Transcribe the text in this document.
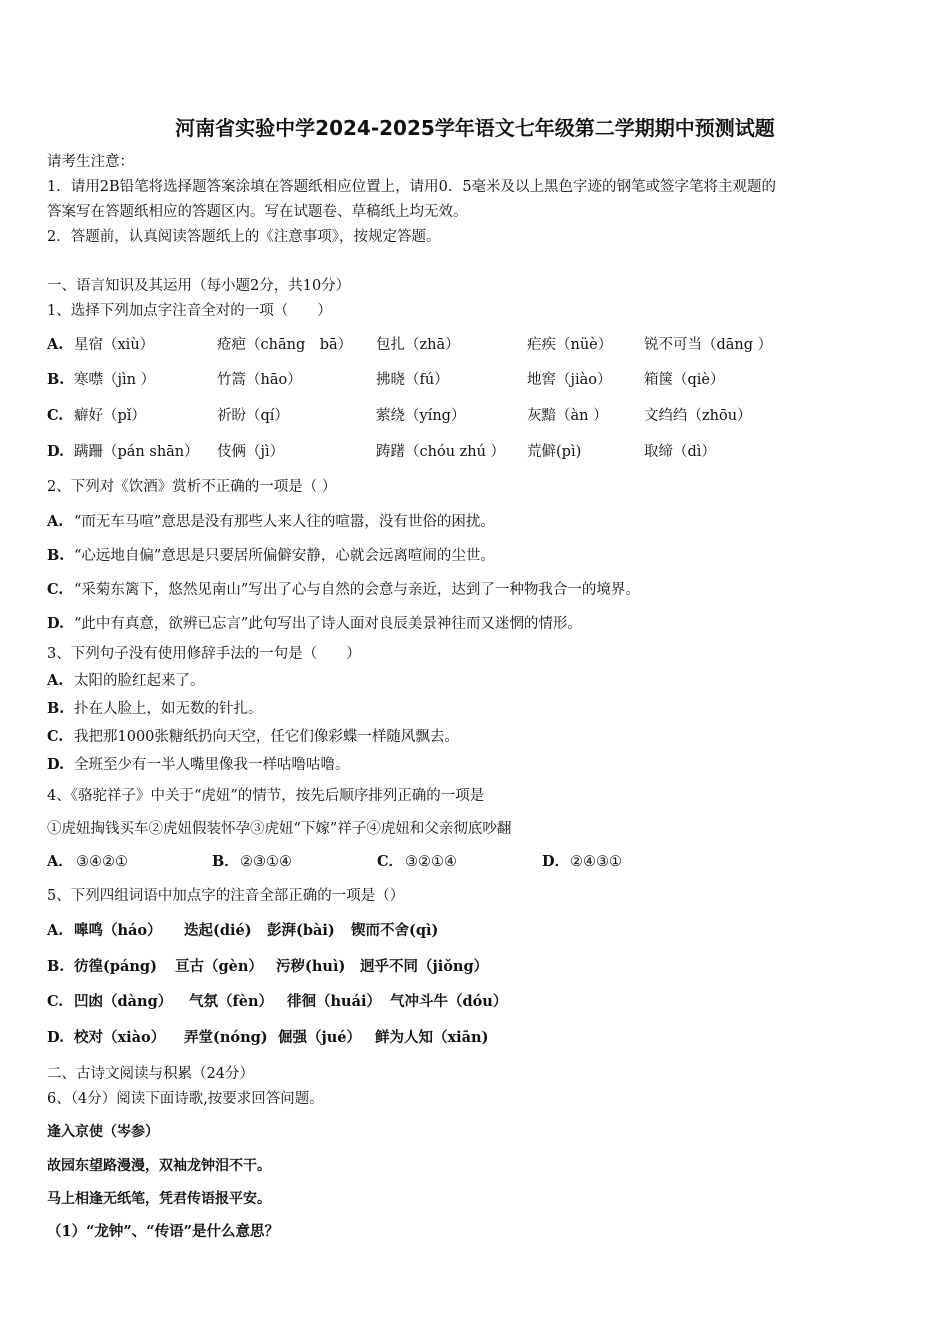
河南省实验中学2024-2025学年语文七年级第二学期期中预测试题
请考生注意：
1．请用2B铅笔将选择题答案涂填在答题纸相应位置上，请用0．5毫米及以上黑色字迹的钢笔或签字笔将主观题的
答案写在答题纸相应的答题区内。写在试题卷、草稿纸上均无效。
2．答题前，认真阅读答题纸上的《注意事项》，按规定答题。
一、语言知识及其运用（每小题2分，共10分）
1、选择下列加点字注音全对的一项（　　）
A. 星宿（xiù）	疮疤（chāng　bā） 包扎（zhā）	疟疾（nüè） 锐不可当（dāng ）
B. 寒噤（jìn ）	竹篙（hāo）	拂晓（fú）	地窖（jiào） 箱箧（qiè）
C. 癖好（pǐ）	祈盼（qí）	萦绕（yíng）	灰黯（àn ）	文绉绉（zhōu）
D. 蹒跚（pán shān） 伎俩（jì）	踌躇（chóu zhú ） 荒僻(pì)	取缔（dì）
2、下列对《饮酒》赏析不正确的一项是（ ）
A. “而无车马喧”意思是没有那些人来人往的喧嚣，没有世俗的困扰。
B. “心远地自偏”意思是只要居所偏僻安静，心就会远离喧闹的尘世。
C. “采菊东篱下，悠然见南山”写出了心与自然的会意与亲近，达到了一种物我合一的境界。
D. “此中有真意，欲辨已忘言”此句写出了诗人面对良辰美景神往而又迷惘的情形。
3、下列句子没有使用修辞手法的一句是（　　）
A. 太阳的脸红起来了。
B. 扑在人脸上，如无数的针扎。
C. 我把那1000张糖纸扔向天空，任它们像彩蝶一样随风飘去。
D. 全班至少有一半人嘴里像我一样咕噜咕噜。
4、《骆驼祥子》中关于“虎妞”的情节，按先后顺序排列正确的一项是
①虎妞掏钱买车②虎妞假装怀孕③虎妞“下嫁”祥子④虎妞和父亲彻底吵翻
A． ③④②①	B． ②③①④	C． ③②①④	D． ②④③①
5、下列四组词语中加点字的注音全部正确的一项是（）
A. 嗥鸣（háo） 迭起(dié) 彭湃(bài) 锲而不舍(qì)
B. 彷徨(páng) 亘古（gèn） 污秽(huì) 迥乎不同（jiǒng）
C. 凹凼（dàng） 气氛（fèn） 徘徊（huái） 气冲斗牛（dóu）
D. 校对（xiào） 弄堂(nóng) 倔强（jué） 鲜为人知（xiān)
二、古诗文阅读与积累（24分）
6、（4分）阅读下面诗歌,按要求回答问题。
逢入京使（岑参）
故园东望路漫漫，双袖龙钟泪不干。
马上相逢无纸笔，凭君传语报平安。
（1）“龙钟”、“传语”是什么意思？
